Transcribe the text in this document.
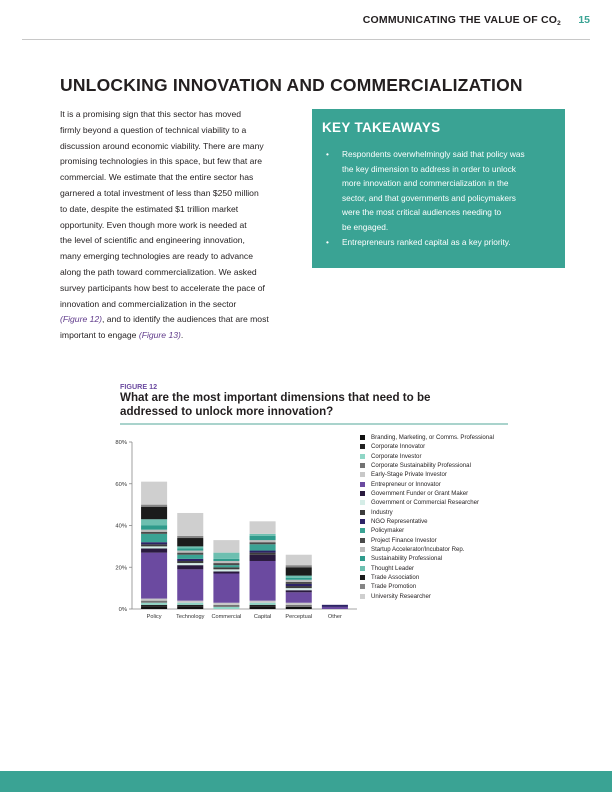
COMMUNICATING THE VALUE OF $CO_2$ 15
UNLOCKING INNOVATION AND COMMERCIALIZATION
It is a promising sign that this sector has moved
firmly beyond a question of technical viability to a
discussion around economic viability. There are many
promising technologies in this space, but few that are
commercial. We estimate that the entire sector has
garnered a total investment of less than $250 million
to date, despite the estimated $1 trillion market
opportunity. Even though more work is needed at
the level of scientific and engineering innovation,
many emerging technologies are ready to advance
along the path toward commercialization. We asked
survey participants how best to accelerate the pace of
innovation and commercialization in the sector
(Figure 12), and to identify the audiences that are most
important to engage (Figure 13).
KEY TAKEAWAYS
• Respondents overwhelmingly said that policy was
the key dimension to address in order to unlock
more innovation and commercialization in the
sector, and that governments and policymakers
were the most critical audiences needing to
be engaged.
• Entrepreneurs ranked capital as a key priority.
FIGURE 12
What are the most important dimensions that need to be addressed to unlock more innovation?
0%
20%
40%
60%
80%
Policy	Technology Commercial Capital	Perceptual	Other
Branding, Marketing, or Comms. Professional
Corporate Innovator
Corporate Investor
Corporate Sustainability Professional
Early-Stage Private Investor
Entrepreneur or Innovator
Government Funder or Grant Maker
Government or Commercial Researcher
Industry
NGO Representative
Policymaker
Project Finance Investor
Startup Accelerator/Incubator Rep.
Sustainability Professional
Thought Leader
Trade Association
Trade Promotion
University Researcher
